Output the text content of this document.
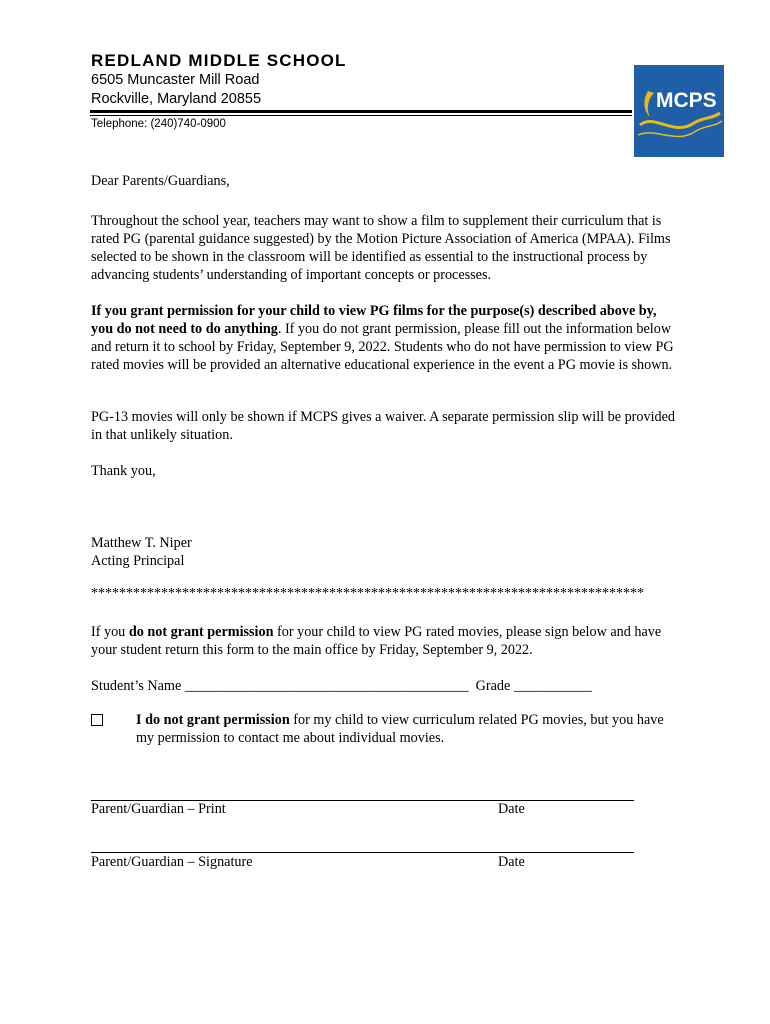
REDLAND MIDDLE SCHOOL
6505 Muncaster Mill Road
Rockville, Maryland 20855
Telephone: (240)740-0900
MCPS
Dear Parents/Guardians,
Throughout the school year, teachers may want to show a film to supplement their curriculum that is rated PG (parental guidance suggested) by the Motion Picture Association of America (MPAA). Films selected to be shown in the classroom will be identified as essential to the instructional process by advancing students’ understanding of important concepts or processes.
If you grant permission for your child to view PG films for the purpose(s) described above by, you do not need to do anything. If you do not grant permission, please fill out the information below and return it to school by Friday, September 9, 2022. Students who do not have permission to view PG rated movies will be provided an alternative educational experience in the event a PG movie is shown.
PG-13 movies will only be shown if MCPS gives a waiver. A separate permission slip will be provided in that unlikely situation.
Thank you,
Matthew T. Niper
Acting Principal
*******************************************************************************
If you do not grant permission for your child to view PG rated movies, please sign below and have your student return this form to the main office by Friday, September 9, 2022.
Student’s Name ________________________________________  Grade ___________
I do not grant permission for my child to view curriculum related PG movies, but you have my permission to contact me about individual movies.
Parent/Guardian – Print	Date
Parent/Guardian – Signature	Date
